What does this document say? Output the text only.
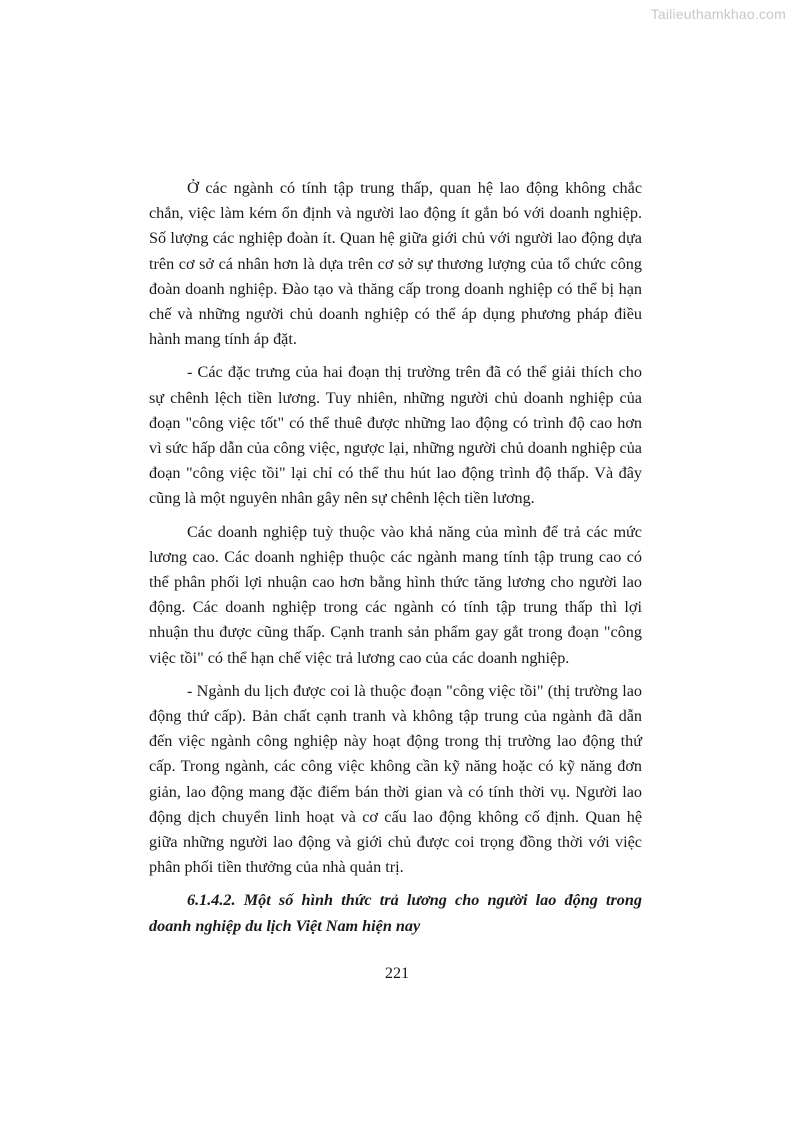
Tailieuthamkhao.com

Ở các ngành có tính tập trung thấp, quan hệ lao động không chắc chắn, việc làm kém ổn định và người lao động ít gắn bó với doanh nghiệp. Số lượng các nghiệp đoàn ít. Quan hệ giữa giới chủ với người lao động dựa trên cơ sở cá nhân hơn là dựa trên cơ sở sự thương lượng của tổ chức công đoàn doanh nghiệp. Đào tạo và thăng cấp trong doanh nghiệp có thể bị hạn chế và những người chủ doanh nghiệp có thể áp dụng phương pháp điều hành mang tính áp đặt.

- Các đặc trưng của hai đoạn thị trường trên đã có thể giải thích cho sự chênh lệch tiền lương. Tuy nhiên, những người chủ doanh nghiệp của đoạn "công việc tốt" có thể thuê được những lao động có trình độ cao hơn vì sức hấp dẫn của công việc, ngược lại, những người chủ doanh nghiệp của đoạn "công việc tồi" lại chỉ có thể thu hút lao động trình độ thấp. Và đây cũng là một nguyên nhân gây nên sự chênh lệch tiền lương.

Các doanh nghiệp tuỳ thuộc vào khả năng của mình để trả các mức lương cao. Các doanh nghiệp thuộc các ngành mang tính tập trung cao có thể phân phối lợi nhuận cao hơn bằng hình thức tăng lương cho người lao động. Các doanh nghiệp trong các ngành có tính tập trung thấp thì lợi nhuận thu được cũng thấp. Cạnh tranh sản phẩm gay gắt trong đoạn "công việc tồi" có thể hạn chế việc trả lương cao của các doanh nghiệp.

- Ngành du lịch được coi là thuộc đoạn "công việc tồi" (thị trường lao động thứ cấp). Bản chất cạnh tranh và không tập trung của ngành đã dẫn đến việc ngành công nghiệp này hoạt động trong thị trường lao động thứ cấp. Trong ngành, các công việc không cần kỹ năng hoặc có kỹ năng đơn giản, lao động mang đặc điểm bán thời gian và có tính thời vụ. Người lao động dịch chuyển linh hoạt và cơ cấu lao động không cố định. Quan hệ giữa những người lao động và giới chủ được coi trọng đồng thời với việc phân phối tiền thưởng của nhà quản trị.

6.1.4.2. Một số hình thức trả lương cho người lao động trong doanh nghiệp du lịch Việt Nam hiện nay

221
